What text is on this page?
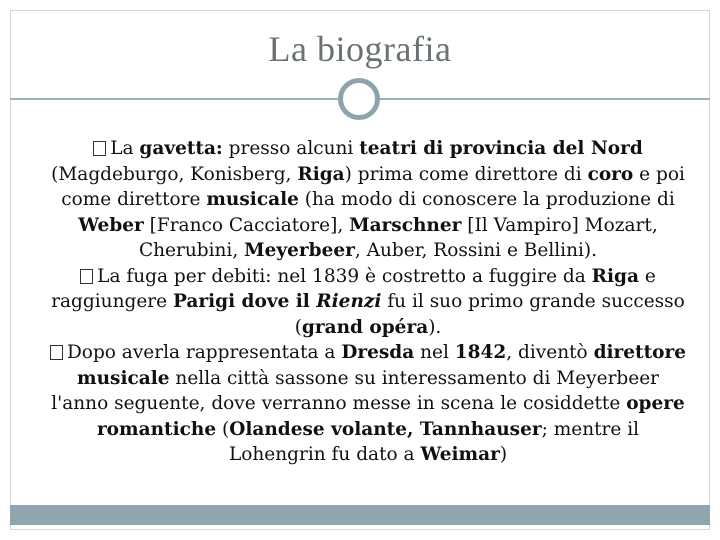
La biografia

La gavetta: presso alcuni teatri di provincia del Nord (Magdeburgo, Konisberg, Riga) prima come direttore di coro e poi come direttore musicale (ha modo di conoscere la produzione di Weber [Franco Cacciatore], Marschner [Il Vampiro] Mozart, Cherubini, Meyerbeer, Auber, Rossini e Bellini).

La fuga per debiti: nel 1839 è costretto a fuggire da Riga e raggiungere Parigi dove il Rienzi fu il suo primo grande successo (grand opéra).

Dopo averla rappresentata a Dresda nel 1842, diventò direttore musicale nella città sassone su interessamento di Meyerbeer l'anno seguente, dove verranno messe in scena le cosiddette opere romantiche (Olandese volante, Tannhauser; mentre il Lohengrin fu dato a Weimar)
